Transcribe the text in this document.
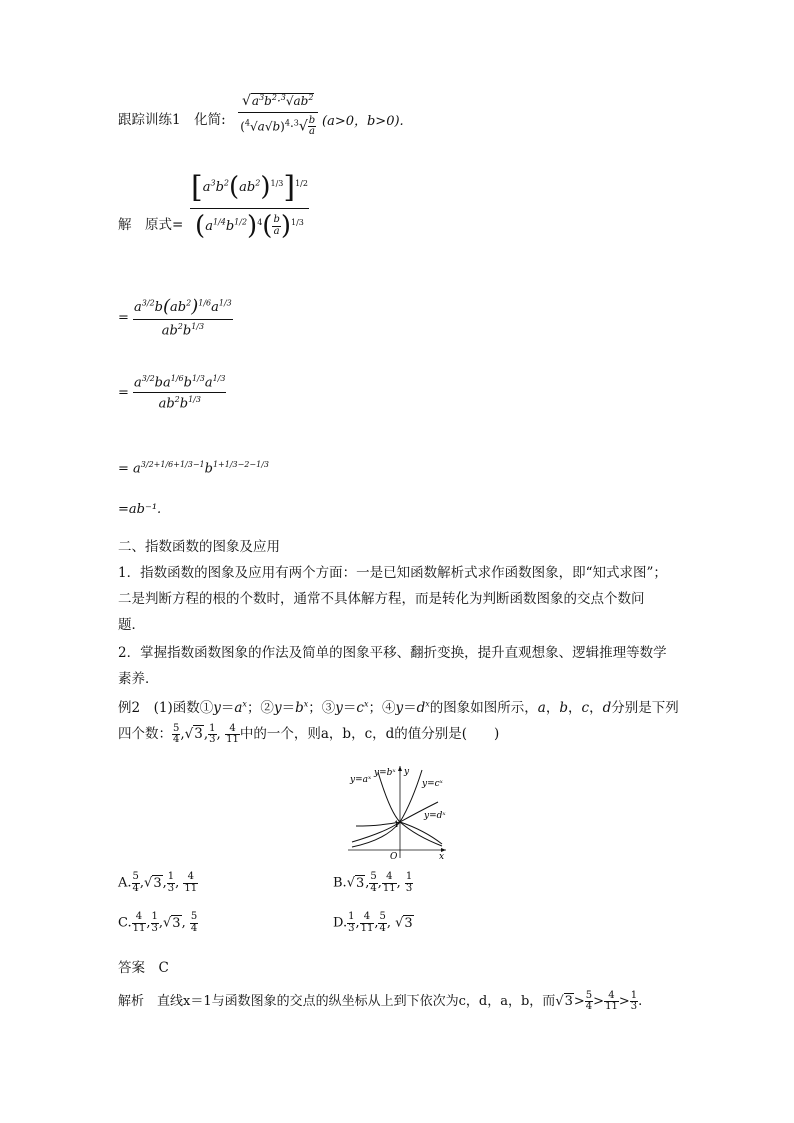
跟踪训练1　 化简: $\frac{√a^3b^2\cdot^3√ab^2}{(^4√a√b)^4\cdot^3√ \frac{b}{a}} (a>0$，b>0).
解　 原式= $\frac{[a^3b^2(ab^2)^{1/3}]^{1/2}}{(a^{1/4}b^{1/2})^4( \frac{b}{a} )^{1/3}}$
= $\frac{a^{3/2}b(ab^2)^{1/6}a^{1/3}}{ab^2b^{1/3}}$
= $\frac{a^{3/2}ba^{1/6}b^{1/3}a^{1/3}}{ab^2b^{1/3}}$
= $a^{3/2+1/6+1/3-1}b^{1+1/3-2-1/3}$
=ab⁻¹.
二、指数函数的图象及应用
1．指数函数的图象及应用有两个方面：一是已知函数解析式求作函数图象，即“知式求图”；
二是判断方程的根的个数时，通常不具体解方程，而是转化为判断函数图象的交点个数问
题．
2．掌握指数函数图象的作法及简单的图象平移、翻折变换，提升直观想象、逻辑推理等数学
素养．
例2　 (1)函数$①y=a^x$；$②y=b^x$；$③y=c^x$；$④y=d^x$的图象如图所示，a，b，c，d分别是下列
四个数： $\frac{5}{4} ,√3$, $\frac{1}{3}$ , $\frac{4}{11}$ 中的一个，则a，b，c，d的值分别是(　　)
y=aˣ
y=bˣ
y=cˣ
y=dˣ
y
x
O
1
A. $\frac{5}{4} ,√3$, $\frac{1}{3}$ , $\frac{4}{11}$	B.√3, $\frac{5}{4}$ , $\frac{4}{11}$ , $\frac{1}{3}$
C. $\frac{4}{11}$ , $\frac{1}{3} ,√3$, $\frac{5}{4}$	D. $\frac{1}{3}$ , $\frac{4}{11}$ , $\frac{5}{4}$ , √3
答案　 C
解析　 直线x＝1与函数图象的交点的纵坐标从上到下依次为c，d，a，b，而$√3> \frac{5}{4} > \frac{4}{11} > \frac{1}{3}$ .
